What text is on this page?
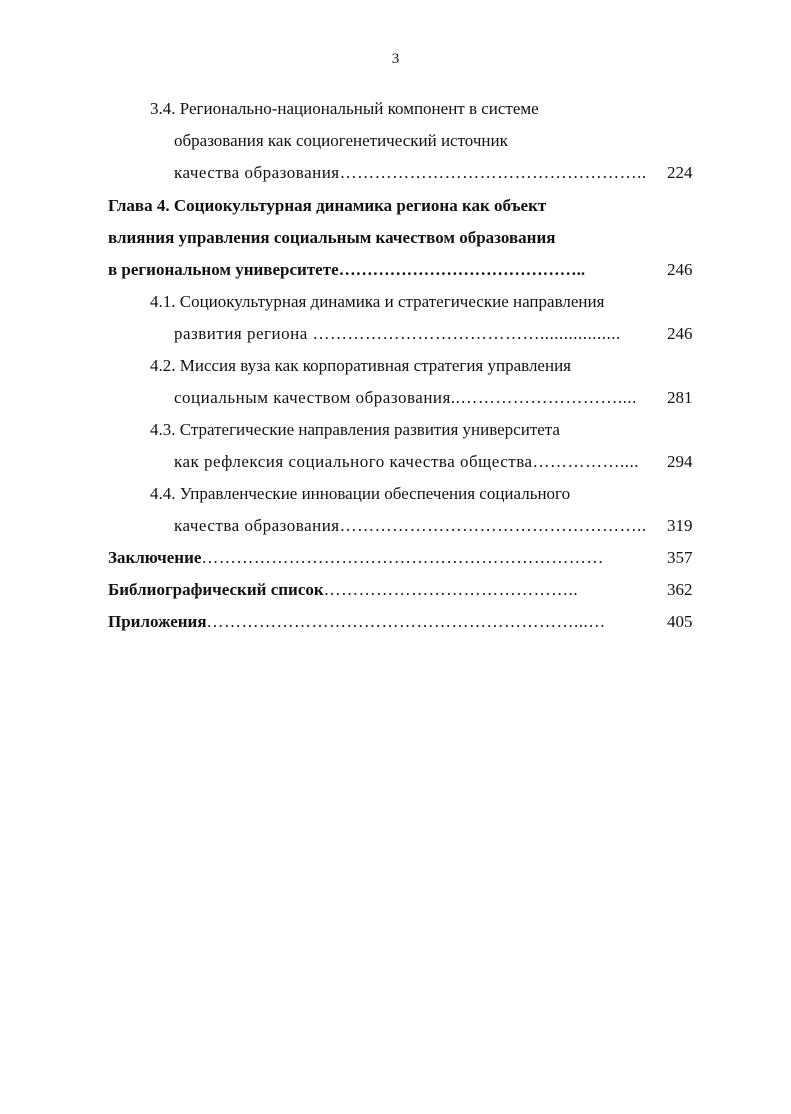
3
3.4. Регионально-национальный компонент в системе
образования как социогенетический источник
качества образования…………………………………………….. 224
Глава 4. Социокультурная динамика региона как объект
влияния управления социальным качеством образования
в региональном университете……………………………………..	246
4.1. Социокультурная динамика и стратегические направления
развития региона ………………………………….................	246
4.2. Миссия вуза как корпоративная стратегия управления
социальным качеством образования..……………………….... 281
4.3. Стратегические направления развития университета
как рефлексия социального качества общества…………….... 294
4.4. Управленческие инновации обеспечения социального
качества образования…………………………………………….. 319
Заключение……………………………………………………………	357
Библиографический список……………………………………..	362
Приложения………………………………………………………...…	405
